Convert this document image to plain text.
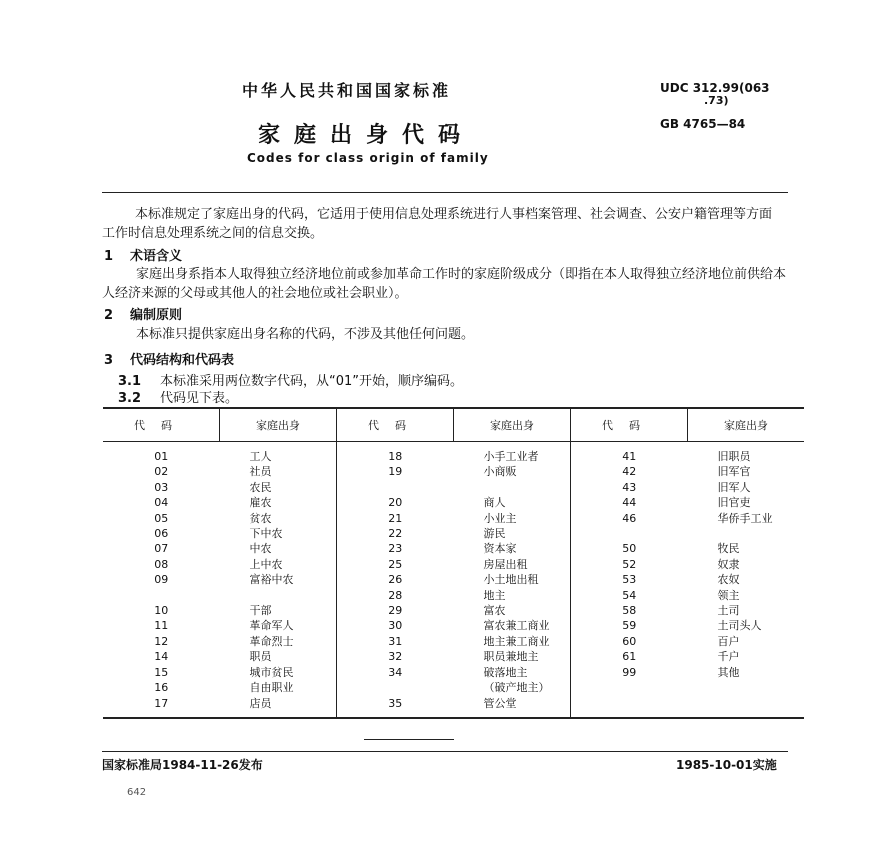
中华人民共和国国家标准
家庭出身代码
Codes for class origin of family
UDC 312.99(063
.73)
GB 4765—84
本标准规定了家庭出身的代码，它适用于使用信息处理系统进行人事档案管理、社会调查、公安户籍管理等方面工作时信息处理系统之间的信息交换。
1 术语含义
家庭出身系指本人取得独立经济地位前或参加革命工作时的家庭阶级成分（即指在本人取得独立经济地位前供给本人经济来源的父母或其他人的社会地位或社会职业）。
2 编制原则
本标准只提供家庭出身名称的代码，不涉及其他任何问题。
3 代码结构和代码表
3.1 本标准采用两位数字代码，从“01”开始，顺序编码。
3.2 代码见下表。
代码	家庭出身	代码	家庭出身	代码	家庭出身
01	工人	18	小手工业者	41	旧职员
02	社员	19	小商贩	42	旧军官
03	农民			43	旧军人
04	雇农	20	商人	44	旧官吏
05	贫农	21	小业主	46	华侨手工业
06	下中农	22	游民		
07	中农	23	资本家	50	牧民
08	上中农	25	房屋出租	52	奴隶
09	富裕中农	26	小土地出租	53	农奴
		28	地主	54	领主
10	干部	29	富农	58	土司
11	革命军人	30	富农兼工商业	59	土司头人
12	革命烈士	31	地主兼工商业	60	百户
14	职员	32	职员兼地主	61	千户
15	城市贫民	34	破落地主	99	其他
16	自由职业		（破产地主）		
17	店员	35	管公堂		
国家标准局1984-11-26发布	1985-10-01实施
642
